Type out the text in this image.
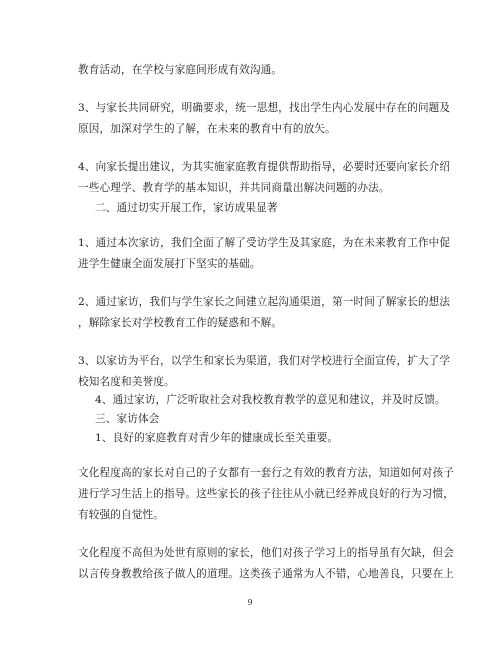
教育活动，在学校与家庭间形成有效沟通。
3、与家长共同研究，明确要求，统一思想，找出学生内心发展中存在的问题及
原因，加深对学生的了解，在未来的教育中有的放矢。
4、向家长提出建议，为其实施家庭教育提供帮助指导，必要时还要向家长介绍
一些心理学、教育学的基本知识，并共同商量出解决问题的办法。
二、通过切实开展工作，家访成果显著
1、通过本次家访，我们全面了解了受访学生及其家庭，为在未来教育工作中促
进学生健康全面发展打下坚实的基础。
2、通过家访，我们与学生家长之间建立起沟通渠道，第一时间了解家长的想法
，解除家长对学校教育工作的疑惑和不解。
3、以家访为平台，以学生和家长为渠道，我们对学校进行全面宣传，扩大了学
校知名度和美誉度。
4、通过家访，广泛听取社会对我校教育教学的意见和建议，并及时反馈。
三、家访体会
1、良好的家庭教育对青少年的健康成长至关重要。
文化程度高的家长对自己的子女都有一套行之有效的教育方法，知道如何对孩子
进行学习生活上的指导。这些家长的孩子往往从小就已经养成良好的行为习惯，
有较强的自觉性。
文化程度不高但为处世有原则的家长，他们对孩子学习上的指导虽有欠缺，但会
以言传身教教给孩子做人的道理。这类孩子通常为人不错，心地善良，只要在上
9
